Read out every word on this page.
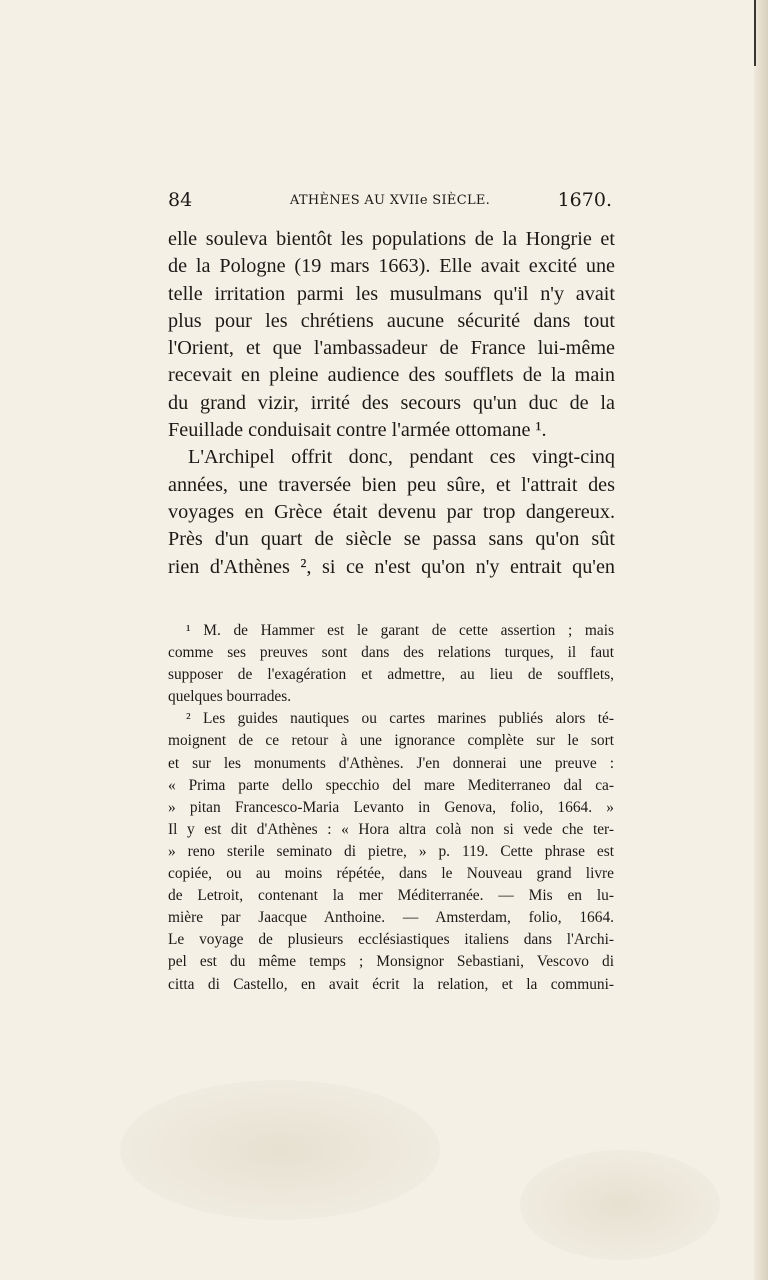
84	ATHÈNES AU XVIIe SIÈCLE.	1670.
elle souleva bientôt les populations de la Hongrie et
de la Pologne (19 mars 1663). Elle avait excité une
telle irritation parmi les musulmans qu'il n'y avait
plus pour les chrétiens aucune sécurité dans tout
l'Orient, et que l'ambassadeur de France lui-même
recevait en pleine audience des soufflets de la main
du grand vizir, irrité des secours qu'un duc de la
Feuillade conduisait contre l'armée ottomane ¹.
L'Archipel offrit donc, pendant ces vingt-cinq
années, une traversée bien peu sûre, et l'attrait des
voyages en Grèce était devenu par trop dangereux.
Près d'un quart de siècle se passa sans qu'on sût
rien d'Athènes ², si ce n'est qu'on n'y entrait qu'en
¹ M. de Hammer est le garant de cette assertion ; mais
comme ses preuves sont dans des relations turques, il faut
supposer de l'exagération et admettre, au lieu de soufflets,
quelques bourrades.
² Les guides nautiques ou cartes marines publiés alors té-
moignent de ce retour à une ignorance complète sur le sort
et sur les monuments d'Athènes. J'en donnerai une preuve :
« Prima parte dello specchio del mare Mediterraneo dal ca-
» pitan Francesco-Maria Levanto in Genova, folio, 1664. »
Il y est dit d'Athènes : « Hora altra colà non si vede che ter-
» reno sterile seminato di pietre, » p. 119. Cette phrase est
copiée, ou au moins répétée, dans le Nouveau grand livre
de Letroit, contenant la mer Méditerranée. — Mis en lu-
mière par Jaacque Anthoine. — Amsterdam, folio, 1664.
Le voyage de plusieurs ecclésiastiques italiens dans l'Archi-
pel est du même temps ; Monsignor Sebastiani, Vescovo di
citta di Castello, en avait écrit la relation, et la communi-
